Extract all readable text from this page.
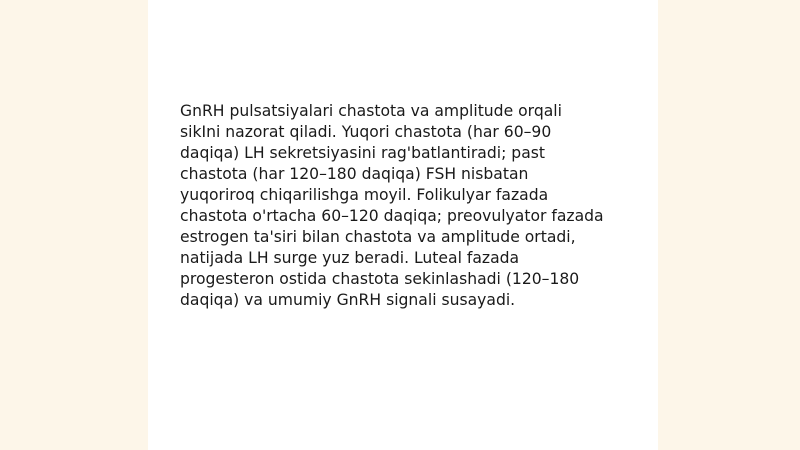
GnRH pulsatsiyalari chastota va amplitude orqali
sikIni nazorat qiladi. Yuqori chastota (har 60–90
daqiqa) LH sekretsiyasini rag'batlantiradi; past
chastota (har 120–180 daqiqa) FSH nisbatan
yuqoriroq chiqarilishga moyil. Folikulyar fazada
chastota o'rtacha 60–120 daqiqa; preovulyator fazada
estrogen ta'siri bilan chastota va amplitude ortadi,
natijada LH surge yuz beradi. Luteal fazada
progesteron ostida chastota sekinlashadi (120–180
daqiqa) va umumiy GnRH signali susayadi.
